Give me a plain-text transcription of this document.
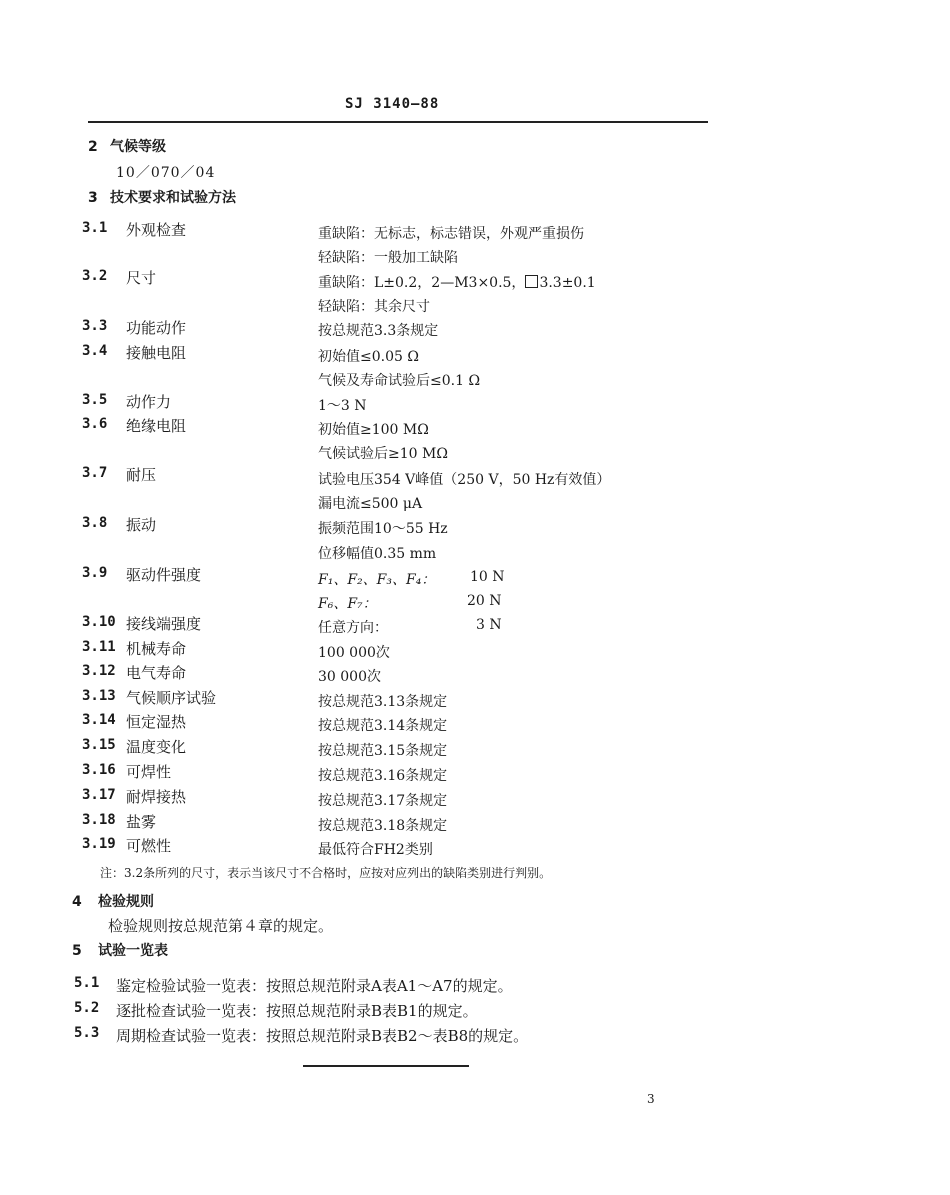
SJ 3140—88
2 气候等级
10／070／04
3 技术要求和试验方法
3.1 外观检查	重缺陷：无标志，标志错误，外观严重损伤
轻缺陷：一般加工缺陷
3.2 尺寸	重缺陷：L±0.2，2—M3×0.5， 3.3±0.1
轻缺陷：其余尺寸
3.3 功能动作	按总规范3.3条规定
3.4 接触电阻	初始值≤0.05 Ω
气候及寿命试验后≤0.1 Ω
3.5 动作力	1～3 N
3.6 绝缘电阻	初始值≥100 MΩ
气候试验后≥10 MΩ
3.7 耐压	试验电压354 V峰值（250 V，50 Hz有效值）
漏电流≤500 μA
3.8 振动	振频范围10～55 Hz
位移幅值0.35 mm
3.9 驱动件强度	F₁、F₂、F₃、F₄： 10 N
F₆、F₇：	20 N
3.10 接线端强度	任意方向：	3 N
3.11 机械寿命	100 000次
3.12 电气寿命	30 000次
3.13 气候顺序试验	按总规范3.13条规定
3.14 恒定湿热	按总规范3.14条规定
3.15 温度变化	按总规范3.15条规定
3.16 可焊性	按总规范3.16条规定
3.17 耐焊接热	按总规范3.17条规定
3.18 盐雾	按总规范3.18条规定
3.19 可燃性	最低符合FH2类别
注：3.2条所列的尺寸，表示当该尺寸不合格时，应按对应列出的缺陷类别进行判别。
4 检验规则
检验规则按总规范第４章的规定。
5 试验一览表
5.1 鉴定检验试验一览表：按照总规范附录A表A1～A7的规定。
5.2 逐批检查试验一览表：按照总规范附录B表B1的规定。
5.3 周期检查试验一览表：按照总规范附录B表B2～表B8的规定。
3
